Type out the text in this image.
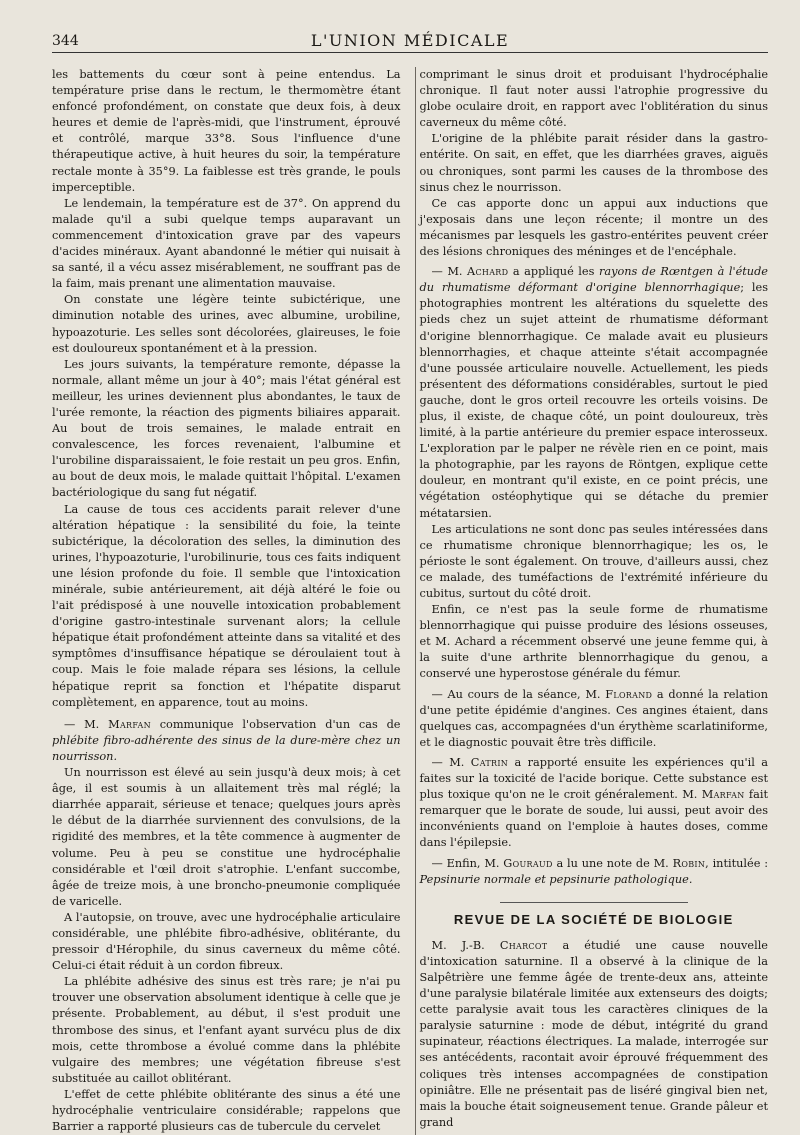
344	L'UNION MÉDICALE

les battements du cœur sont à peine entendus. La température prise dans le rectum, le thermomètre étant enfoncé profondément, on constate que deux fois, à deux heures et demie de l'après-midi, que l'instrument, éprouvé et contrôlé, marque 33°8. Sous l'influence d'une thérapeutique active, à huit heures du soir, la température rectale monte à 35°9. La faiblesse est très grande, le pouls imperceptible.

Le lendemain, la température est de 37°. On apprend du malade qu'il a subi quelque temps auparavant un commencement d'intoxication grave par des vapeurs d'acides minéraux. Ayant abandonné le métier qui nuisait à sa santé, il a vécu assez misérablement, ne souffrant pas de la faim, mais prenant une alimentation mauvaise.

On constate une légère teinte subictérique, une diminution notable des urines, avec albumine, urobiline, hypoazoturie. Les selles sont décolorées, glaireuses, le foie est douloureux spontanément et à la pression.

Les jours suivants, la température remonte, dépasse la normale, allant même un jour à 40°; mais l'état général est meilleur, les urines deviennent plus abondantes, le taux de l'urée remonte, la réaction des pigments biliaires apparait. Au bout de trois semaines, le malade entrait en convalescence, les forces revenaient, l'albumine et l'urobiline disparaissaient, le foie restait un peu gros. Enfin, au bout de deux mois, le malade quittait l'hôpital. L'examen bactériologique du sang fut négatif.

La cause de tous ces accidents parait relever d'une altération hépatique : la sensibilité du foie, la teinte subictérique, la décoloration des selles, la diminution des urines, l'hypoazoturie, l'urobilinurie, tous ces faits indiquent une lésion profonde du foie. Il semble que l'intoxication minérale, subie antérieurement, ait déjà altéré le foie ou l'ait prédisposé à une nouvelle intoxication probablement d'origine gastro-intestinale survenant alors; la cellule hépatique était profondément atteinte dans sa vitalité et des symptômes d'insuffisance hépatique se déroulaient tout à coup. Mais le foie malade répara ses lésions, la cellule hépatique reprit sa fonction et l'hépatite disparut complètement, en apparence, tout au moins.

— M. Marfan communique l'observation d'un cas de phlébite fibro-adhérente des sinus de la dure-mère chez un nourrisson.

Un nourrisson est élevé au sein jusqu'à deux mois; à cet âge, il est soumis à un allaitement très mal réglé; la diarrhée apparait, sérieuse et tenace; quelques jours après le début de la diarrhée surviennent des convulsions, de la rigidité des membres, et la tête commence à augmenter de volume. Peu à peu se constitue une hydrocéphalie considérable et l'œil droit s'atrophie. L'enfant succombe, âgée de treize mois, à une broncho-pneumonie compliquée de varicelle.

A l'autopsie, on trouve, avec une hydrocéphalie articulaire considérable, une phlébite fibro-adhésive, oblitérante, du pressoir d'Hérophile, du sinus caverneux du même côté. Celui-ci était réduit à un cordon fibreux.

La phlébite adhésive des sinus est très rare; je n'ai pu trouver une observation absolument identique à celle que je présente. Probablement, au début, il s'est produit une thrombose des sinus, et l'enfant ayant survécu plus de dix mois, cette thrombose a évolué comme dans la phlébite vulgaire des membres; une végétation fibreuse s'est substituée au caillot oblitérant.

L'effet de cette phlébite oblitérante des sinus a été une hydrocéphalie ventriculaire considérable; rappelons que Barrier a rapporté plusieurs cas de tubercule du cervelet

comprimant le sinus droit et produisant l'hydrocéphalie chronique. Il faut noter aussi l'atrophie progressive du globe oculaire droit, en rapport avec l'oblitération du sinus caverneux du même côté.

L'origine de la phlébite parait résider dans la gastro-entérite. On sait, en effet, que les diarrhées graves, aiguës ou chroniques, sont parmi les causes de la thrombose des sinus chez le nourrisson.

Ce cas apporte donc un appui aux inductions que j'exposais dans une leçon récente; il montre un des mécanismes par lesquels les gastro-entérites peuvent créer des lésions chroniques des méninges et de l'encéphale.

— M. Achard a appliqué les rayons de Rœntgen à l'étude du rhumatisme déformant d'origine blennorrhagique; les photographies montrent les altérations du squelette des pieds chez un sujet atteint de rhumatisme déformant d'origine blennorrhagique. Ce malade avait eu plusieurs blennorrhagies, et chaque atteinte s'était accompagnée d'une poussée articulaire nouvelle. Actuellement, les pieds présentent des déformations considérables, surtout le pied gauche, dont le gros orteil recouvre les orteils voisins. De plus, il existe, de chaque côté, un point douloureux, très limité, à la partie antérieure du premier espace interosseux. L'exploration par le palper ne révèle rien en ce point, mais la photographie, par les rayons de Röntgen, explique cette douleur, en montrant qu'il existe, en ce point précis, une végétation ostéophytique qui se détache du premier métatarsien.

Les articulations ne sont donc pas seules intéressées dans ce rhumatisme chronique blennorrhagique; les os, le périoste le sont également. On trouve, d'ailleurs aussi, chez ce malade, des tuméfactions de l'extrémité inférieure du cubitus, surtout du côté droit.

Enfin, ce n'est pas la seule forme de rhumatisme blennorrhagique qui puisse produire des lésions osseuses, et M. Achard a récemment observé une jeune femme qui, à la suite d'une arthrite blennorrhagique du genou, a conservé une hyperostose générale du fémur.

— Au cours de la séance, M. Florand a donné la relation d'une petite épidémie d'angines. Ces angines étaient, dans quelques cas, accompagnées d'un érythème scarlatiniforme, et le diagnostic pouvait être très difficile.

— M. Catrin a rapporté ensuite les expériences qu'il a faites sur la toxicité de l'acide borique. Cette substance est plus toxique qu'on ne le croit généralement. M. Marfan fait remarquer que le borate de soude, lui aussi, peut avoir des inconvénients quand on l'emploie à hautes doses, comme dans l'épilepsie.

— Enfin, M. Gouraud a lu une note de M. Robin, intitulée : Pepsinurie normale et pepsinurie pathologique.

REVUE DE LA SOCIÉTÉ DE BIOLOGIE

M. J.-B. Charcot a étudié une cause nouvelle d'intoxication saturnine. Il a observé à la clinique de la Salpêtrière une femme âgée de trente-deux ans, atteinte d'une paralysie bilatérale limitée aux extenseurs des doigts; cette paralysie avait tous les caractères cliniques de la paralysie saturnine : mode de début, intégrité du grand supinateur, réactions électriques. La malade, interrogée sur ses antécédents, racontait avoir éprouvé fréquemment des coliques très intenses accompagnées de constipation opiniâtre. Elle ne présentait pas de liséré gingival bien net, mais la bouche était soigneusement tenue. Grande pâleur et grand
